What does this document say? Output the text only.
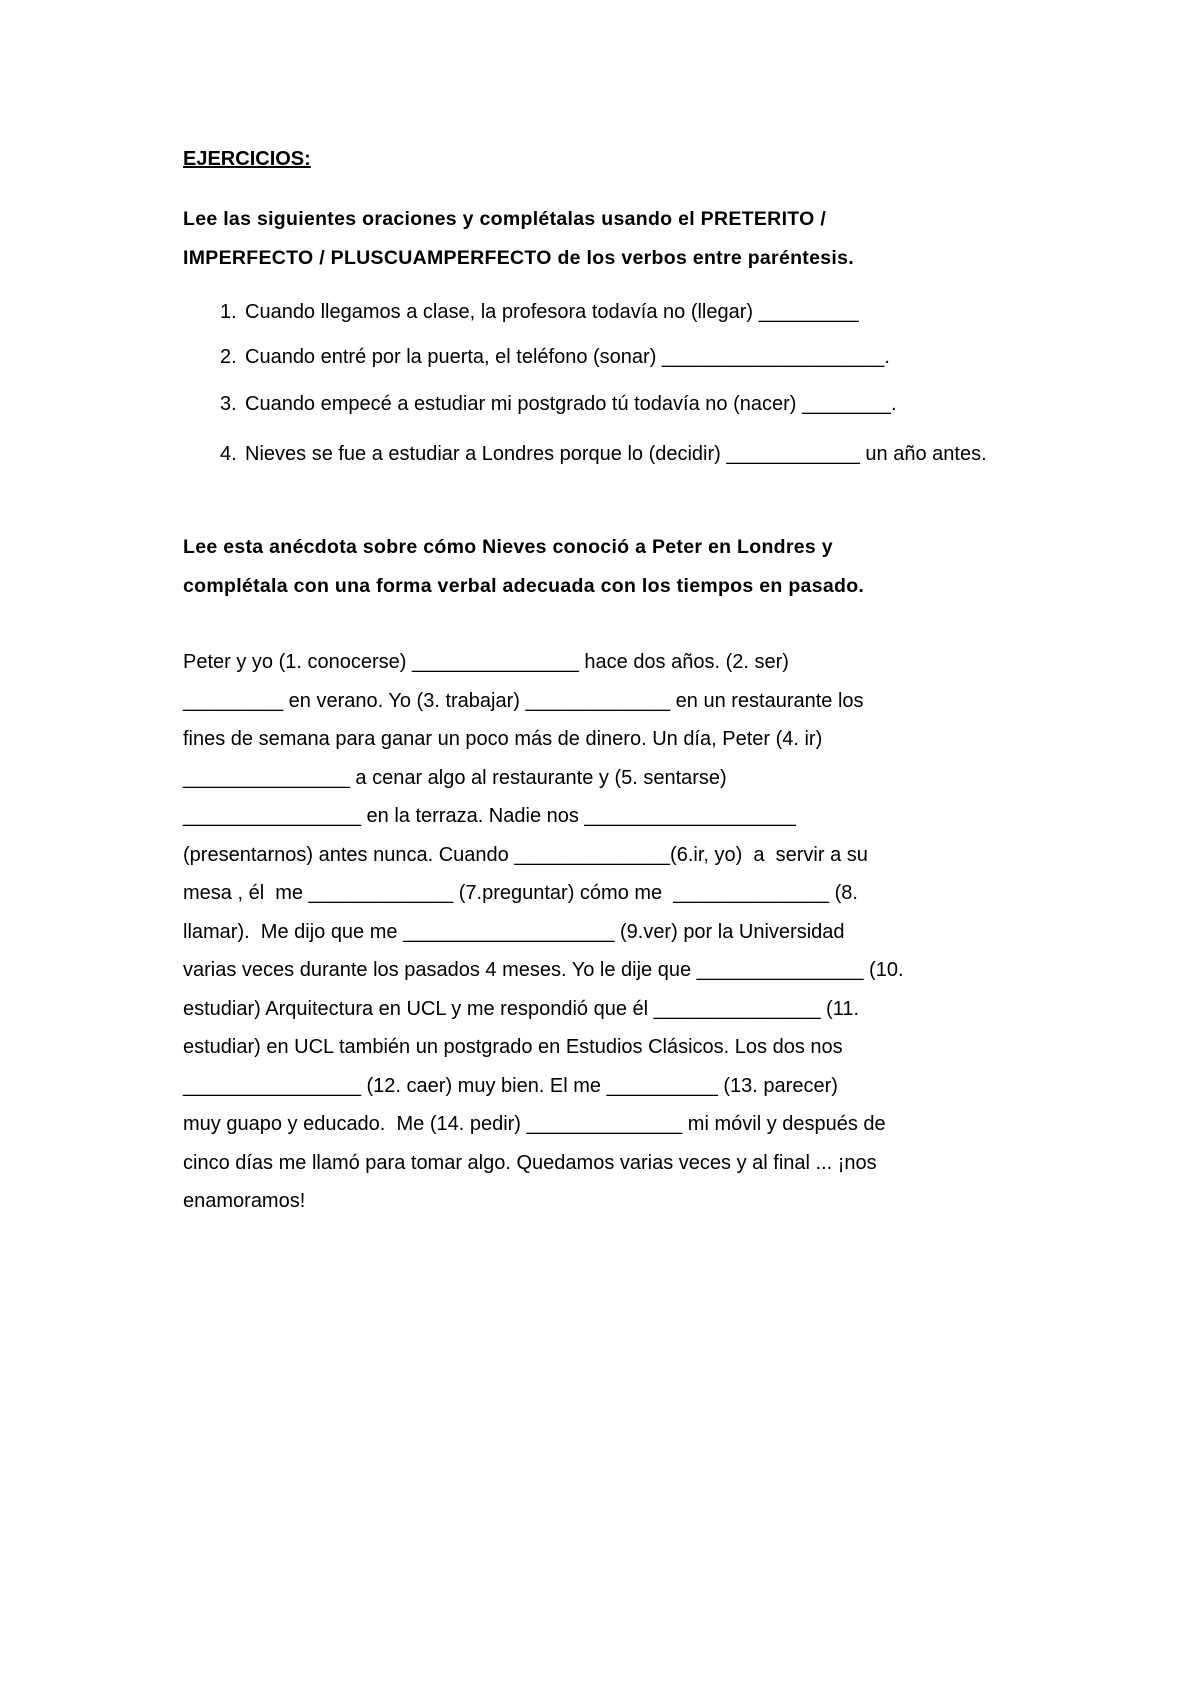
EJERCICIOS:
Lee las siguientes oraciones y complétalas usando el PRETERITO /
IMPERFECTO / PLUSCUAMPERFECTO de los verbos entre paréntesis.
1. Cuando llegamos a clase, la profesora todavía no (llegar) _________
2. Cuando entré por la puerta, el teléfono (sonar) ____________________.
3. Cuando empecé a estudiar mi postgrado tú todavía no (nacer) ________.
4. Nieves se fue a estudiar a Londres porque lo (decidir) ____________ un año antes.
Lee esta anécdota sobre cómo Nieves conoció a Peter en Londres y
complétala con una forma verbal adecuada con los tiempos en pasado.
Peter y yo (1. conocerse) _______________ hace dos años. (2. ser)
_________ en verano. Yo (3. trabajar) _____________ en un restaurante los
fines de semana para ganar un poco más de dinero. Un día, Peter (4. ir)
_______________ a cenar algo al restaurante y (5. sentarse)
________________ en la terraza. Nadie nos ___________________
(presentarnos) antes nunca. Cuando ______________(6.ir, yo)  a  servir a su
mesa , él  me _____________ (7.preguntar) cómo me  ______________ (8.
llamar).  Me dijo que me ___________________ (9.ver) por la Universidad
varias veces durante los pasados 4 meses. Yo le dije que _______________ (10.
estudiar) Arquitectura en UCL y me respondió que él _______________ (11.
estudiar) en UCL también un postgrado en Estudios Clásicos. Los dos nos
________________ (12. caer) muy bien. El me __________ (13. parecer)
muy guapo y educado.  Me (14. pedir) ______________ mi móvil y después de
cinco días me llamó para tomar algo. Quedamos varias veces y al final ... ¡nos
enamoramos!
